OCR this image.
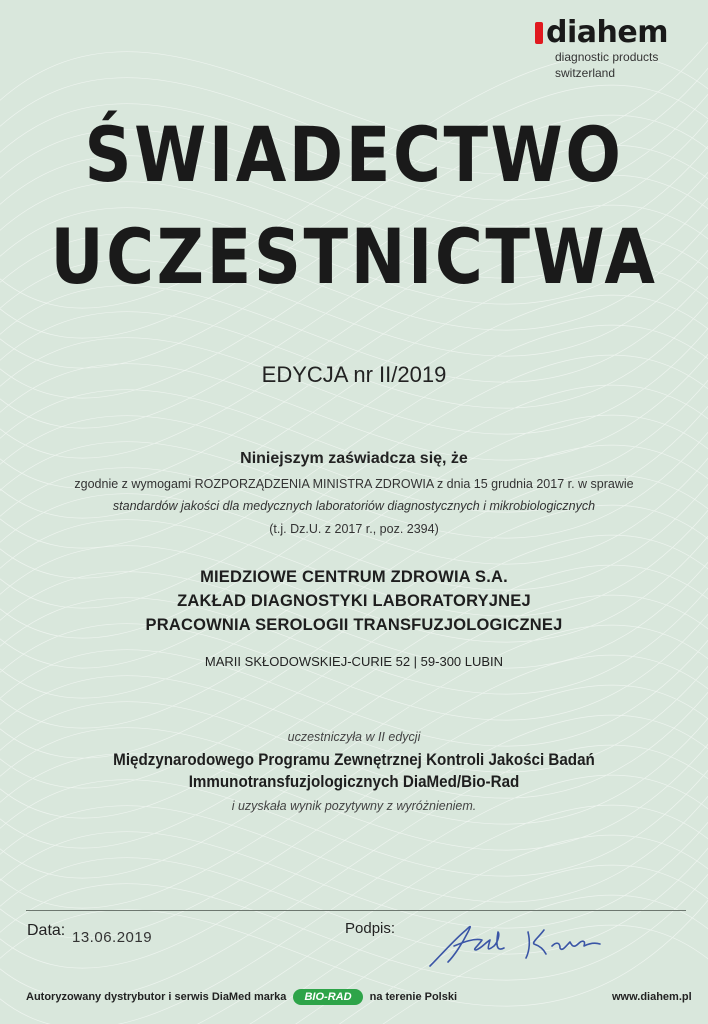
diahem
diagnostic products
switzerland
ŚWIADECTWO
UCZESTNICTWA
EDYCJA nr II/2019
Niniejszym zaświadcza się, że
zgodnie z wymogami ROZPORZĄDZENIA MINISTRA ZDROWIA z dnia 15 grudnia 2017 r. w sprawie
standardów jakości dla medycznych laboratoriów diagnostycznych i mikrobiologicznych
(t.j. Dz.U. z 2017 r., poz. 2394)
MIEDZIOWE CENTRUM ZDROWIA S.A.
ZAKŁAD DIAGNOSTYKI LABORATORYJNEJ
PRACOWNIA SEROLOGII TRANSFUZJOLOGICZNEJ
MARII SKŁODOWSKIEJ-CURIE 52 | 59-300 LUBIN
uczestniczyła w II edycji
Międzynarodowego Programu Zewnętrznej Kontroli Jakości Badań
Immunotransfuzjologicznych DiaMed/Bio-Rad
i uzyskała wynik pozytywny z wyróżnieniem.
Data: 13.06.2019
Podpis:
Autoryzowany dystrybutor i serwis DiaMed marka BIO-RAD na terenie Polski	www.diahem.pl
